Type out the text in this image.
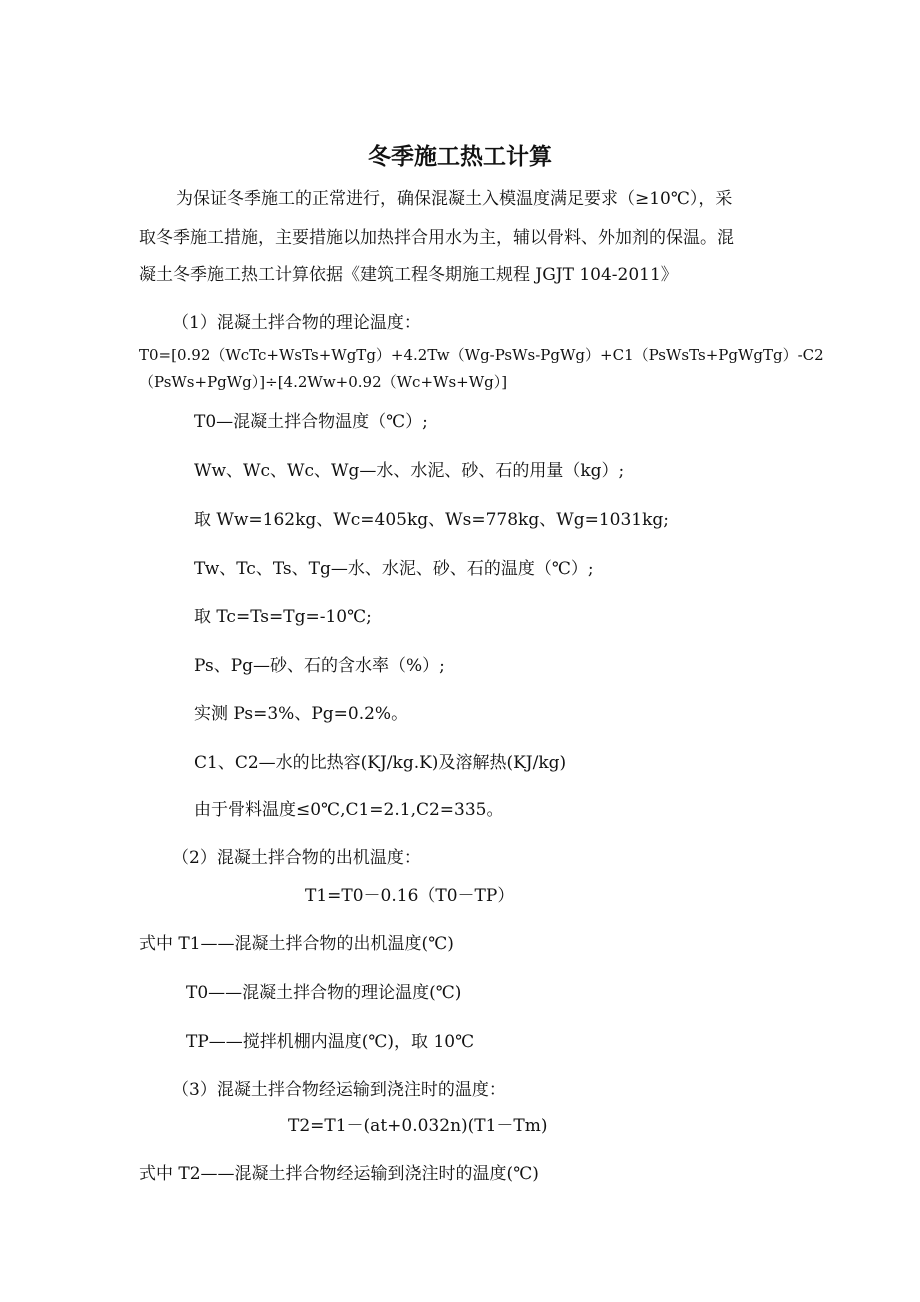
冬季施工热工计算
为保证冬季施工的正常进行，确保混凝土入模温度满足要求（≥10℃），采
取冬季施工措施，主要措施以加热拌合用水为主，辅以骨料、外加剂的保温。混
凝土冬季施工热工计算依据《建筑工程冬期施工规程 JGJT 104-2011》
（1）混凝土拌合物的理论温度：
T0=[0.92（WcTc+WsTs+WgTg）+4.2Tw（Wg-PsWs-PgWg）+C1（PsWsTs+PgWgTg）-C2
（PsWs+PgWg）]÷[4.2Ww+0.92（Wc+Ws+Wg）]
T0—混凝土拌合物温度（℃）;
Ww、Wc、Wc、Wg—水、水泥、砂、石的用量（kg）;
取 Ww=162kg、Wc=405kg、Ws=778kg、Wg=1031kg;
Tw、Tc、Ts、Tg—水、水泥、砂、石的温度（℃）;
取 Tc=Ts=Tg=-10℃;
Ps、Pg—砂、石的含水率（%）;
实测 Ps=3%、Pg=0.2%。
C1、C2—水的比热容(KJ/kg.K)及溶解热(KJ/kg)
由于骨料温度≤0℃,C1=2.1,C2=335。
（2）混凝土拌合物的出机温度：
T1=T0－0.16（T0－TP）
式中 T1——混凝土拌合物的出机温度(℃)
T0——混凝土拌合物的理论温度(℃)
TP——搅拌机棚内温度(℃)，取 10℃
（3）混凝土拌合物经运输到浇注时的温度：
T2=T1－(at+0.032n)(T1－Tm)
式中 T2——混凝土拌合物经运输到浇注时的温度(℃)
